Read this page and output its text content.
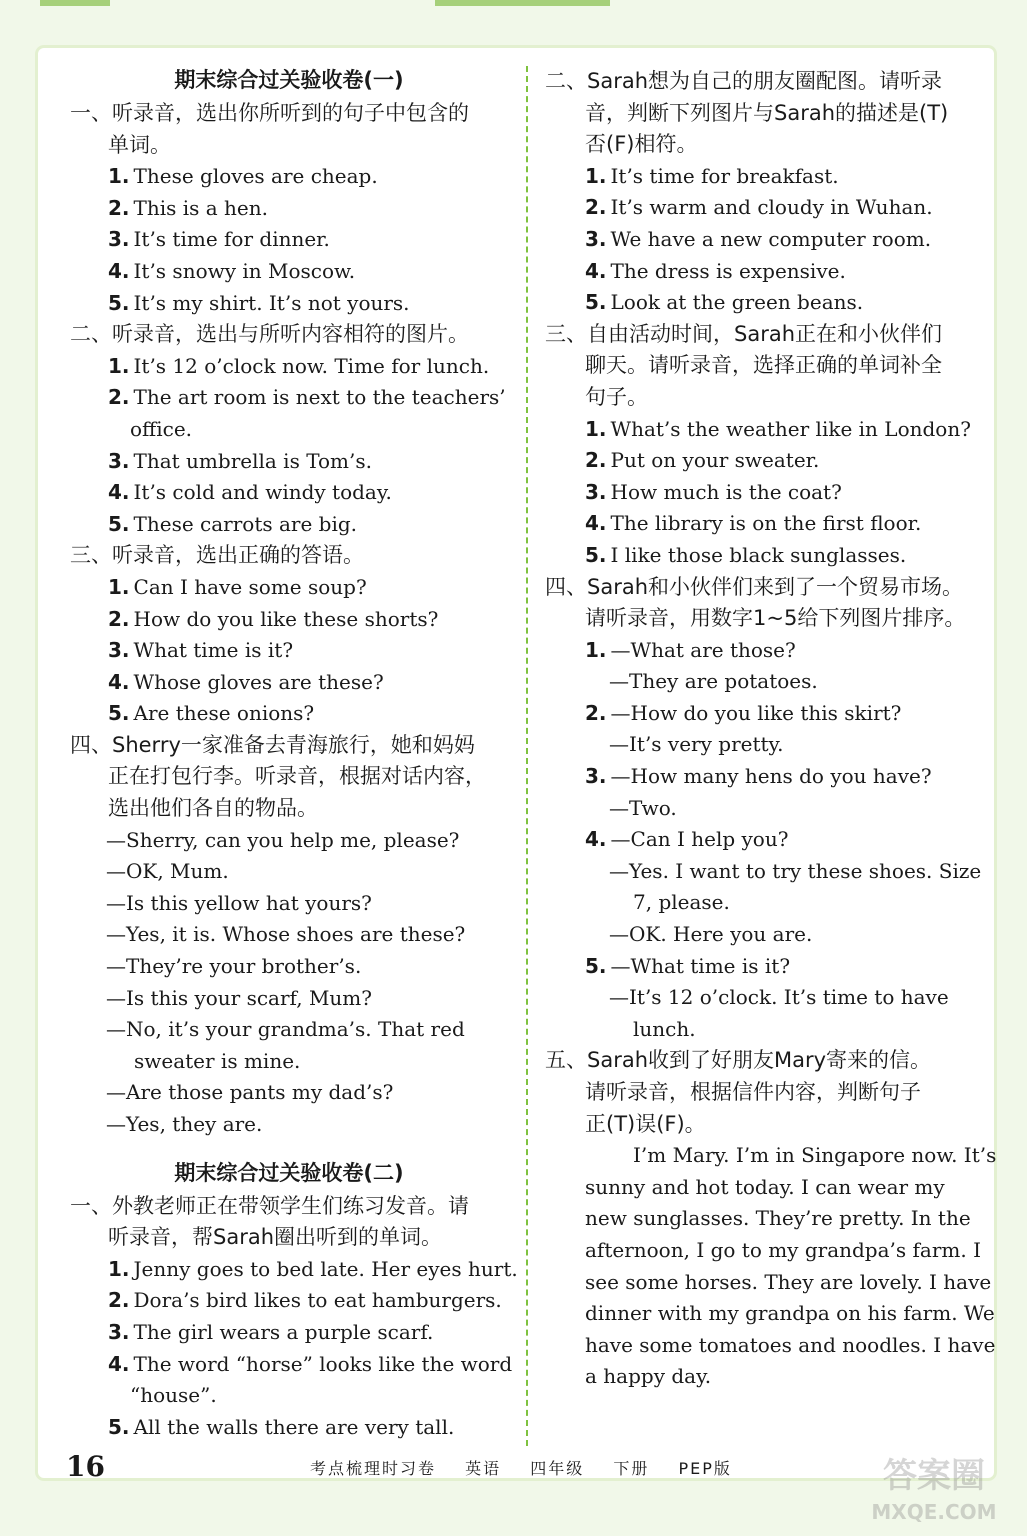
期末综合过关验收卷(一)
一、听录音，选出你所听到的句子中包含的
单词。
1. These gloves are cheap.
2. This is a hen.
3. It’s time for dinner.
4. It’s snowy in Moscow.
5. It’s my shirt. It’s not yours.
二、听录音，选出与所听内容相符的图片。
1. It’s 12 o’clock now. Time for lunch.
2. The art room is next to the teachers’
office.
3. That umbrella is Tom’s.
4. It’s cold and windy today.
5. These carrots are big.
三、听录音，选出正确的答语。
1. Can I have some soup?
2. How do you like these shorts?
3. What time is it?
4. Whose gloves are these?
5. Are these onions?
四、Sherry一家准备去青海旅行，她和妈妈
正在打包行李。听录音，根据对话内容，
选出他们各自的物品。
—Sherry, can you help me, please?
—OK, Mum.
—Is this yellow hat yours?
—Yes, it is. Whose shoes are these?
—They’re your brother’s.
—Is this your scarf, Mum?
—No, it’s your grandma’s. That red
sweater is mine.
—Are those pants my dad’s?
—Yes, they are.
期末综合过关验收卷(二)
一、外教老师正在带领学生们练习发音。请
听录音，帮Sarah圈出听到的单词。
1. Jenny goes to bed late. Her eyes hurt.
2. Dora’s bird likes to eat hamburgers.
3. The girl wears a purple scarf.
4. The word “horse” looks like the word
“house”.
5. All the walls there are very tall.
二、Sarah想为自己的朋友圈配图。请听录
音，判断下列图片与Sarah的描述是(T)
否(F)相符。
1. It’s time for breakfast.
2. It’s warm and cloudy in Wuhan.
3. We have a new computer room.
4. The dress is expensive.
5. Look at the green beans.
三、自由活动时间，Sarah正在和小伙伴们
聊天。请听录音，选择正确的单词补全
句子。
1. What’s the weather like in London?
2. Put on your sweater.
3. How much is the coat?
4. The library is on the first floor.
5. I like those black sunglasses.
四、Sarah和小伙伴们来到了一个贸易市场。
请听录音，用数字1~5给下列图片排序。
1. —What are those?
—They are potatoes.
2. —How do you like this skirt?
—It’s very pretty.
3. —How many hens do you have?
—Two.
4. —Can I help you?
—Yes. I want to try these shoes. Size
7, please.
—OK. Here you are.
5. —What time is it?
—It’s 12 o’clock. It’s time to have
lunch.
五、Sarah收到了好朋友Mary寄来的信。
请听录音，根据信件内容，判断句子
正(T)误(F)。
I’m Mary. I’m in Singapore now. It’s
sunny and hot today. I can wear my
new sunglasses. They’re pretty. In the
afternoon, I go to my grandpa’s farm. I
see some horses. They are lovely. I have
dinner with my grandpa on his farm. We
have some tomatoes and noodles. I have
a happy day.
16	考点梳理时习卷 英语 四年级 下册 PEP版	答案圈
MXQE.COM
